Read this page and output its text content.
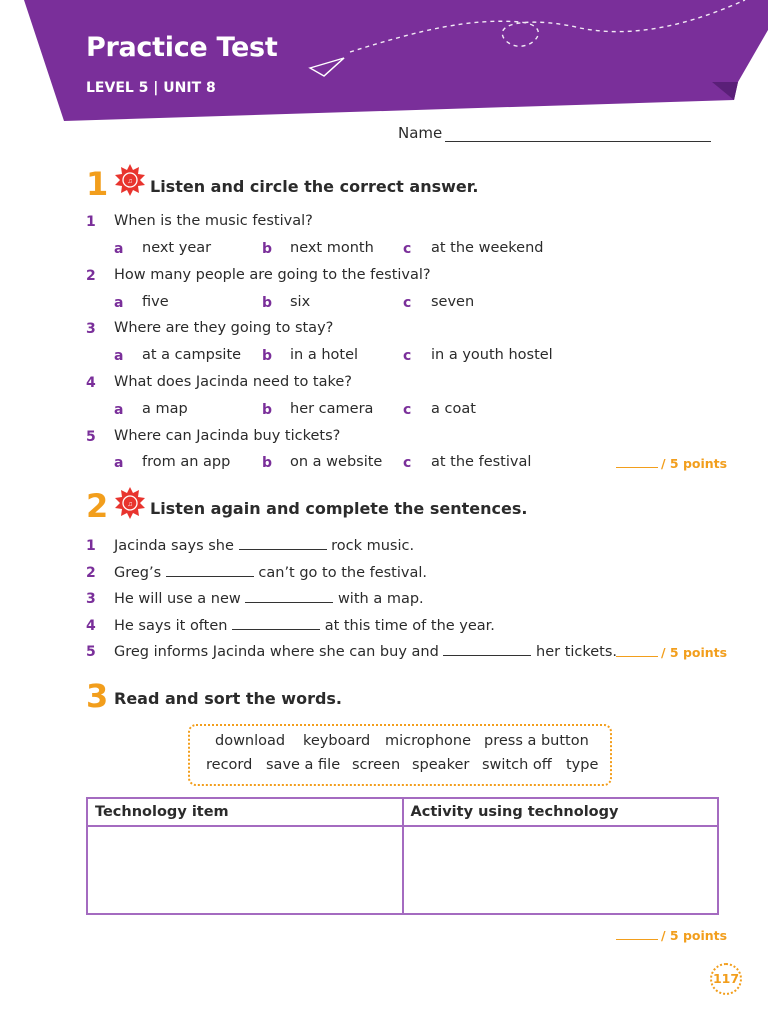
Practice Test
LEVEL 5 | UNIT 8
Name
1	♫ Listen and circle the correct answer.
1 When is the music festival?
a next year	b next month c at the weekend
2 How many people are going to the festival?
a five	b six	c seven
3 Where are they going to stay?
a at a campsite b in a hotel	c in a youth hostel
4 What does Jacinda need to take?
a a map	b her camera c a coat
5 Where can Jacinda buy tickets?
a from an app b on a website c at the festival	/ 5 points
2	♫ Listen again and complete the sentences.
1 Jacinda says she	rock music.
2 Greg’s	can’t go to the festival.
3 He will use a new	with a map.
4 He says it often	at this time of the year.
5 Greg informs Jacinda where she can buy and	her tickets.	/ 5 points
3 Read and sort the words.
download keyboard microphone press a button
record save a file screen speaker switch off type
Technology item	Activity using technology

/ 5 points
117
